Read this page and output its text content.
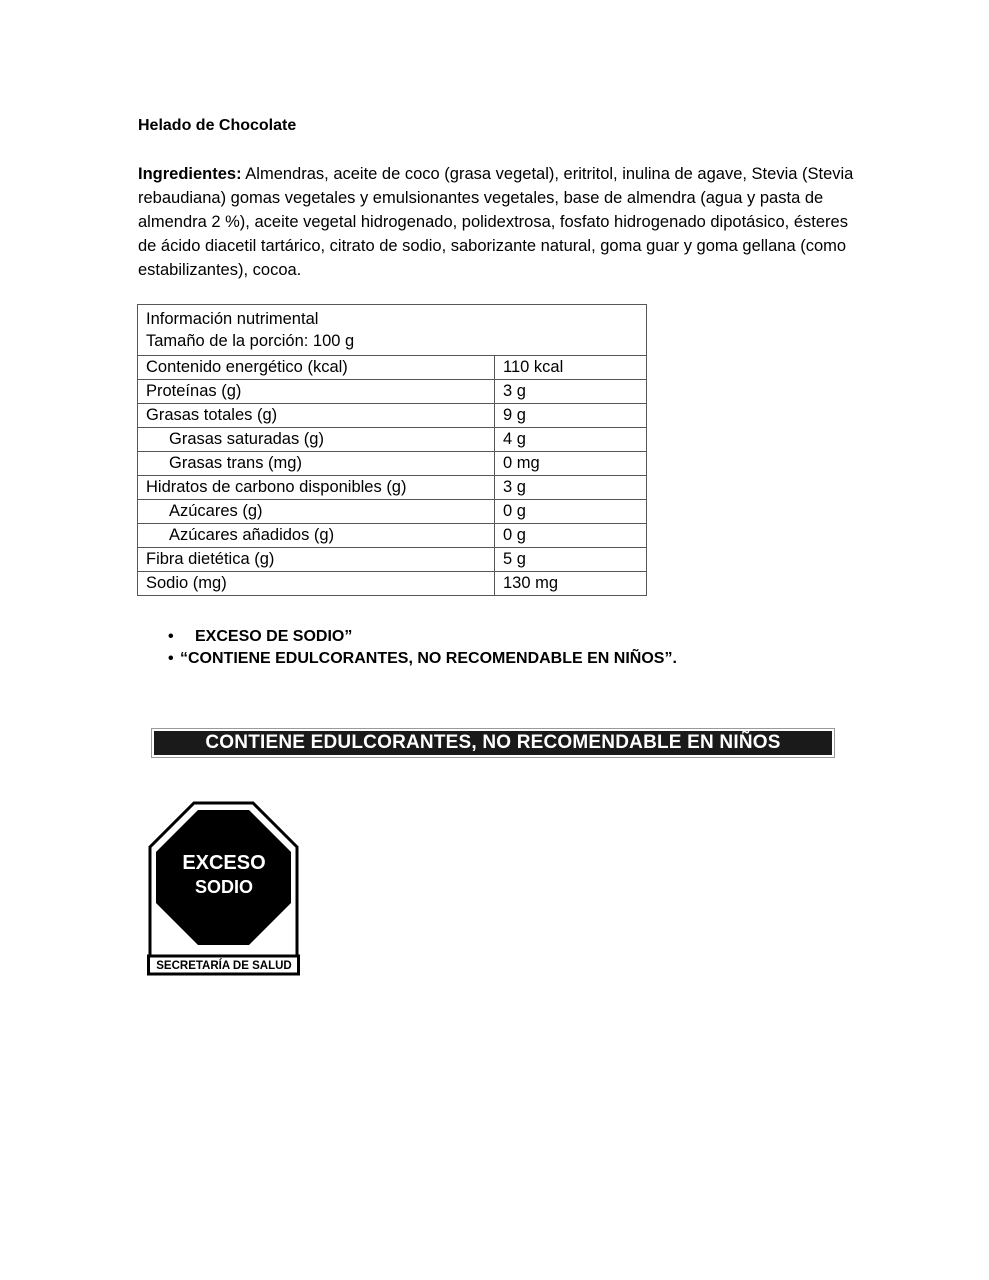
Helado de Chocolate
Ingredientes: Almendras, aceite de coco (grasa vegetal), eritritol, inulina de agave, Stevia (Stevia rebaudiana) gomas vegetales y emulsionantes vegetales, base de almendra (agua y pasta de almendra 2 %), aceite vegetal hidrogenado, polidextrosa, fosfato hidrogenado dipotásico, ésteres de ácido diacetil tartárico, citrato de sodio, saborizante natural, goma guar y goma gellana (como estabilizantes), cocoa.
Información nutrimental
Tamaño de la porción: 100 g	

Contenido energético (kcal)	110 kcal
Proteínas (g)	3 g
Grasas totales (g)	9 g
Grasas saturadas (g)	4 g
Grasas trans (mg)	0 mg
Hidratos de carbono disponibles (g)	3 g
Azúcares (g)	0 g
Azúcares añadidos (g)	0 g
Fibra dietética (g)	5 g
Sodio (mg)	130 mg
• EXCESO DE SODIO”
• “CONTIENE EDULCORANTES, NO RECOMENDABLE EN NIÑOS”.
CONTIENE EDULCORANTES, NO RECOMENDABLE EN NIÑOS
EXCESO
SODIO
SECRETARÍA DE SALUD
